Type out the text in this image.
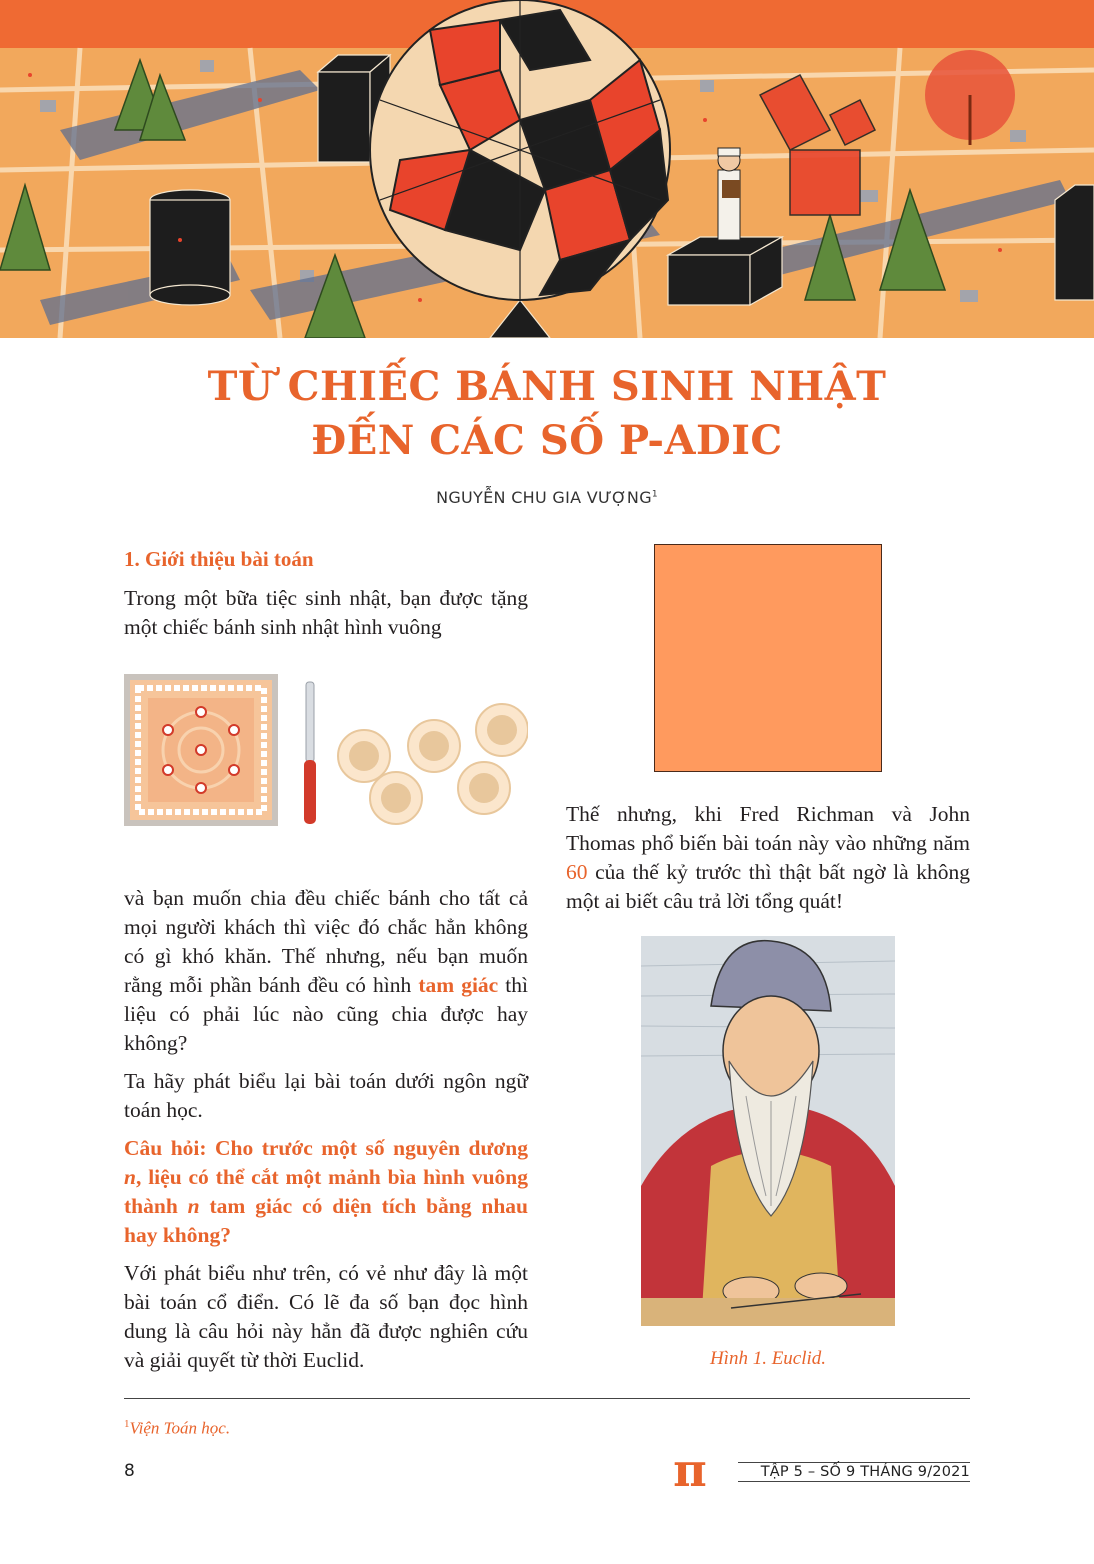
TỪ CHIẾC BÁNH SINH NHẬT
ĐẾN CÁC SỐ P-ADIC
NGUYỄN CHU GIA VƯỢNG$^1$

1. Giới thiệu bài toán

Trong một bữa tiệc sinh nhật, bạn được tặng một chiếc bánh sinh nhật hình vuông

và bạn muốn chia đều chiếc bánh cho tất cả mọi người khách thì việc đó chắc hẳn không có gì khó khăn. Thế nhưng, nếu bạn muốn rằng mỗi phần bánh đều có hình tam giác thì liệu có phải lúc nào cũng chia được hay không?

Ta hãy phát biểu lại bài toán dưới ngôn ngữ toán học.

Câu hỏi: Cho trước một số nguyên dương n, liệu có thể cắt một mảnh bìa hình vuông thành n tam giác có diện tích bằng nhau hay không?

Với phát biểu như trên, có vẻ như đây là một bài toán cổ điển. Có lẽ đa số bạn đọc hình dung là câu hỏi này hẳn đã được nghiên cứu và giải quyết từ thời Euclid.

Thế nhưng, khi Fred Richman và John Thomas phổ biến bài toán này vào những năm 60 của thế kỷ trước thì thật bất ngờ là không một ai biết câu trả lời tổng quát!

Hình 1. Euclid.
$^1$Viện Toán học.
8	π	TẬP 5 – SỐ 9 THÁNG 9/2021
